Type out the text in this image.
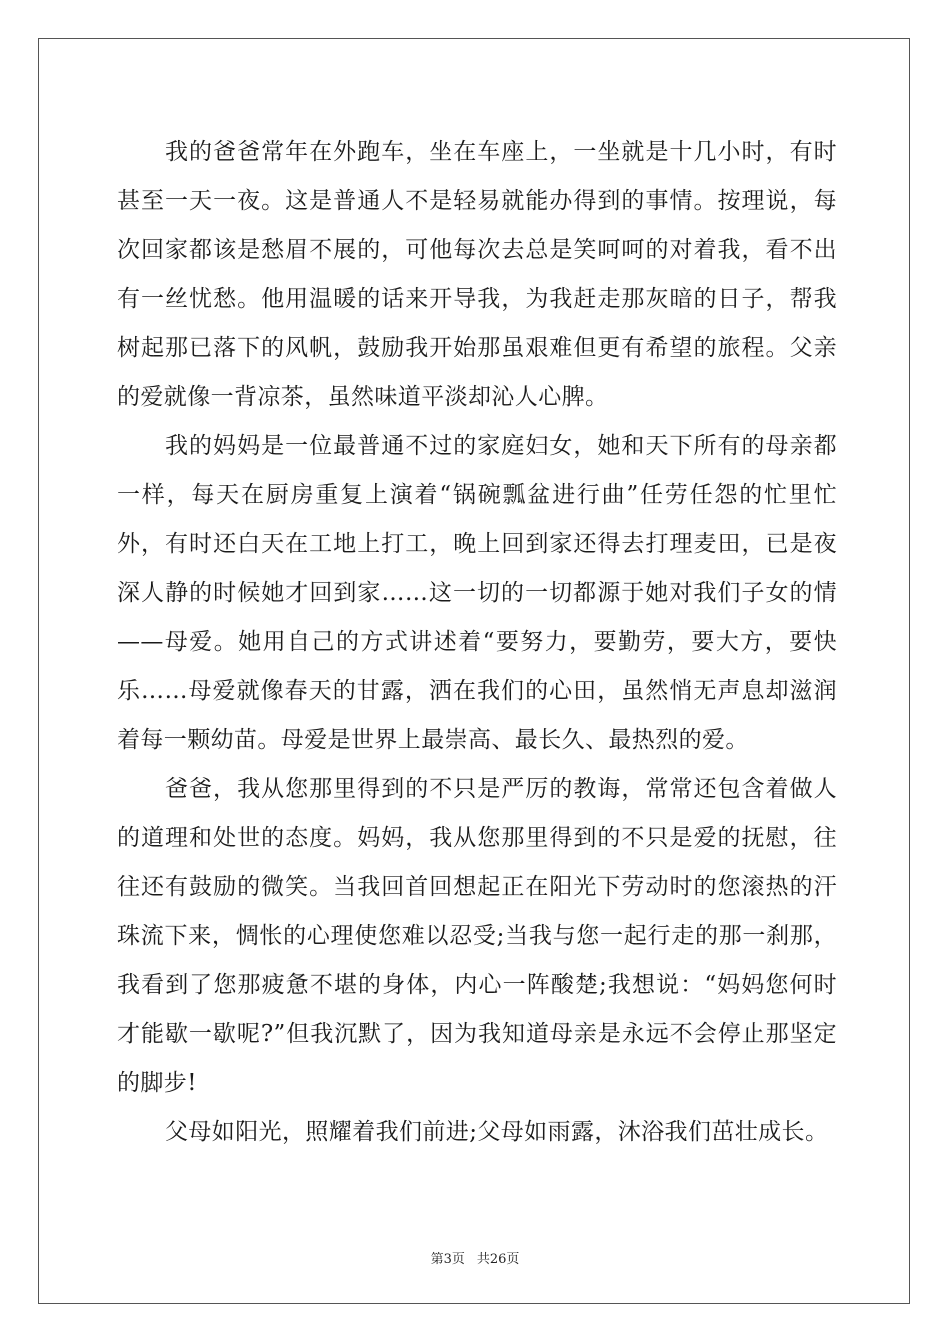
我的爸爸常年在外跑车，坐在车座上，一坐就是十几小时，有时甚至一天一夜。这是普通人不是轻易就能办得到的事情。按理说，每次回家都该是愁眉不展的，可他每次去总是笑呵呵的对着我，看不出有一丝忧愁。他用温暖的话来开导我，为我赶走那灰暗的日子，帮我树起那已落下的风帆，鼓励我开始那虽艰难但更有希望的旅程。父亲的爱就像一背凉茶，虽然味道平淡却沁人心脾。

我的妈妈是一位最普通不过的家庭妇女，她和天下所有的母亲都一样，每天在厨房重复上演着“锅碗瓢盆进行曲”任劳任怨的忙里忙外，有时还白天在工地上打工，晚上回到家还得去打理麦田，已是夜深人静的时候她才回到家……这一切的一切都源于她对我们子女的情——母爱。她用自己的方式讲述着“要努力，要勤劳，要大方，要快乐……母爱就像春天的甘露，洒在我们的心田，虽然悄无声息却滋润着每一颗幼苗。母爱是世界上最崇高、最长久、最热烈的爱。

爸爸，我从您那里得到的不只是严厉的教诲，常常还包含着做人的道理和处世的态度。妈妈，我从您那里得到的不只是爱的抚慰，往往还有鼓励的微笑。当我回首回想起正在阳光下劳动时的您滚热的汗珠流下来，惆怅的心理使您难以忍受;当我与您一起行走的那一刹那，我看到了您那疲惫不堪的身体，内心一阵酸楚;我想说：“妈妈您何时才能歇一歇呢?”但我沉默了，因为我知道母亲是永远不会停止那坚定的脚步!

父母如阳光，照耀着我们前进;父母如雨露，沐浴我们茁壮成长。

第3页 共26页
